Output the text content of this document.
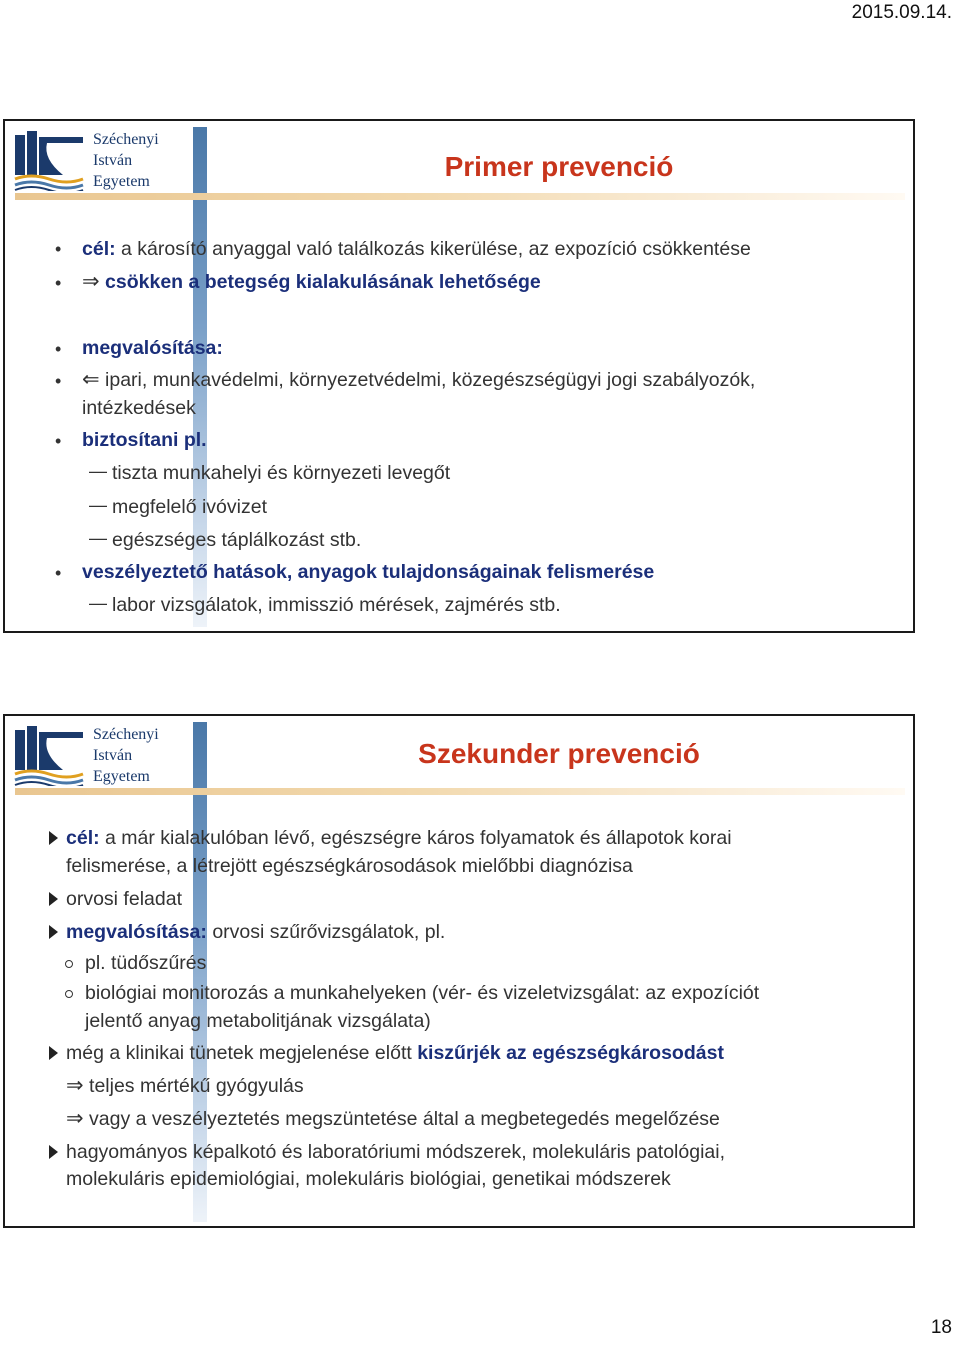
2015.09.14.
Széchenyi
István
Egyetem	Primer prevenció
• cél: a károsító anyaggal való találkozás kikerülése, az expozíció csökkentése
• ⇒ csökken a betegség kialakulásának lehetősége
• megvalósítása:
• ⇐ ipari, munkavédelmi, környezetvédelmi, közegészségügyi jogi szabályozók,
intézkedések
• biztosítani pl.
— tiszta munkahelyi és környezeti levegőt
— megfelelő ivóvizet
— egészséges táplálkozást stb.
• veszélyeztető hatások, anyagok tulajdonságainak felismerése
— labor vizsgálatok, immisszió mérések, zajmérés stb.
Széchenyi
István
Egyetem
Szekunder prevenció
cél: a már kialakulóban lévő, egészségre káros folyamatok és állapotok korai
felismerése, a létrejött egészségkárosodások mielőbbi diagnózisa
orvosi feladat
megvalósítása: orvosi szűrővizsgálatok, pl.
pl. tüdőszűrés
biológiai monitorozás a munkahelyeken (vér- és vizeletvizsgálat: az expozíciót
jelentő anyag metabolitjának vizsgálata)
még a klinikai tünetek megjelenése előtt kiszűrjék az egészségkárosodást
⇒ teljes mértékű gyógyulás
⇒ vagy a veszélyeztetés megszüntetése által a megbetegedés megelőzése
hagyományos képalkotó és laboratóriumi módszerek, molekuláris patológiai,
molekuláris epidemiológiai, molekuláris biológiai, genetikai módszerek
18
